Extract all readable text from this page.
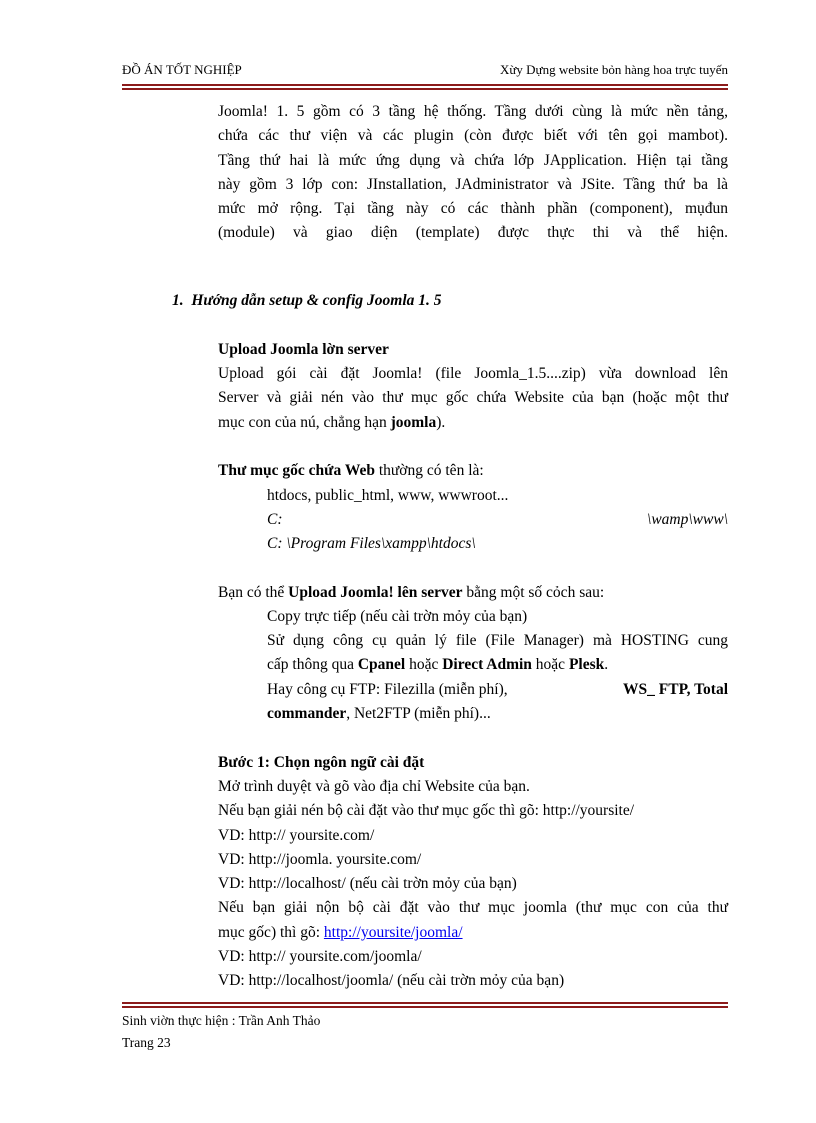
ĐỒ ÁN TỐT NGHIỆP	Xừy Dựng website bỏn hàng hoa trực tuyến
Joomla! 1. 5 gồm có 3 tầng hệ thống. Tầng dưới cùng là mức nền tảng,
chứa các thư viện và các plugin (còn được biết với tên gọi mambot).
Tầng thứ hai là mức ứng dụng và chứa lớp JApplication. Hiện tại tầng
này gồm 3 lớp con: JInstallation, JAdministrator và JSite. Tầng thứ ba là
mức mở rộng. Tại tầng này có các thành phần (component), mụđun
(module) và giao diện (template) được thực thi và thể hiện.
1. Hướng dẫn setup & config Joomla 1. 5
Upload Joomla lờn server
Upload gói cài đặt Joomla! (file Joomla_1.5....zip) vừa download lên
Server và giải nén vào thư mục gốc chứa Website của bạn (hoặc một thư
mục con của nú, chẳng hạn joomla).
Thư mục gốc chứa Web thường có tên là:
htdocs, public_html, www, wwwroot...
C:	\wamp\www\
C: \Program Files\xampp\htdocs\
Bạn có thể Upload Joomla! lên server bằng một số cỏch sau:
Copy trực tiếp (nếu cài trờn mỏy của bạn)
Sử dụng công cụ quản lý file (File Manager) mà HOSTING cung
cấp thông qua Cpanel hoặc Direct Admin hoặc Plesk.
Hay công cụ FTP: Filezilla (miễn phí),	WS_ FTP, Total
commander, Net2FTP (miễn phí)...
Bước 1: Chọn ngôn ngữ cài đặt
Mở trình duyệt và gõ vào địa chỉ Website của bạn.
Nếu bạn giải nén bộ cài đặt vào thư mục gốc thì gõ: http://yoursite/
VD: http:// yoursite.com/
VD: http://joomla. yoursite.com/
VD: http://localhost/ (nếu cài trờn mỏy của bạn)
Nếu bạn giải nộn bộ cài đặt vào thư mục joomla (thư mục con của thư
mục gốc) thì gõ: http://yoursite/joomla/
VD: http:// yoursite.com/joomla/
VD: http://localhost/joomla/ (nếu cài trờn mỏy của bạn)
Sinh viờn thực hiện : Trần Anh Thảo
Trang 23
